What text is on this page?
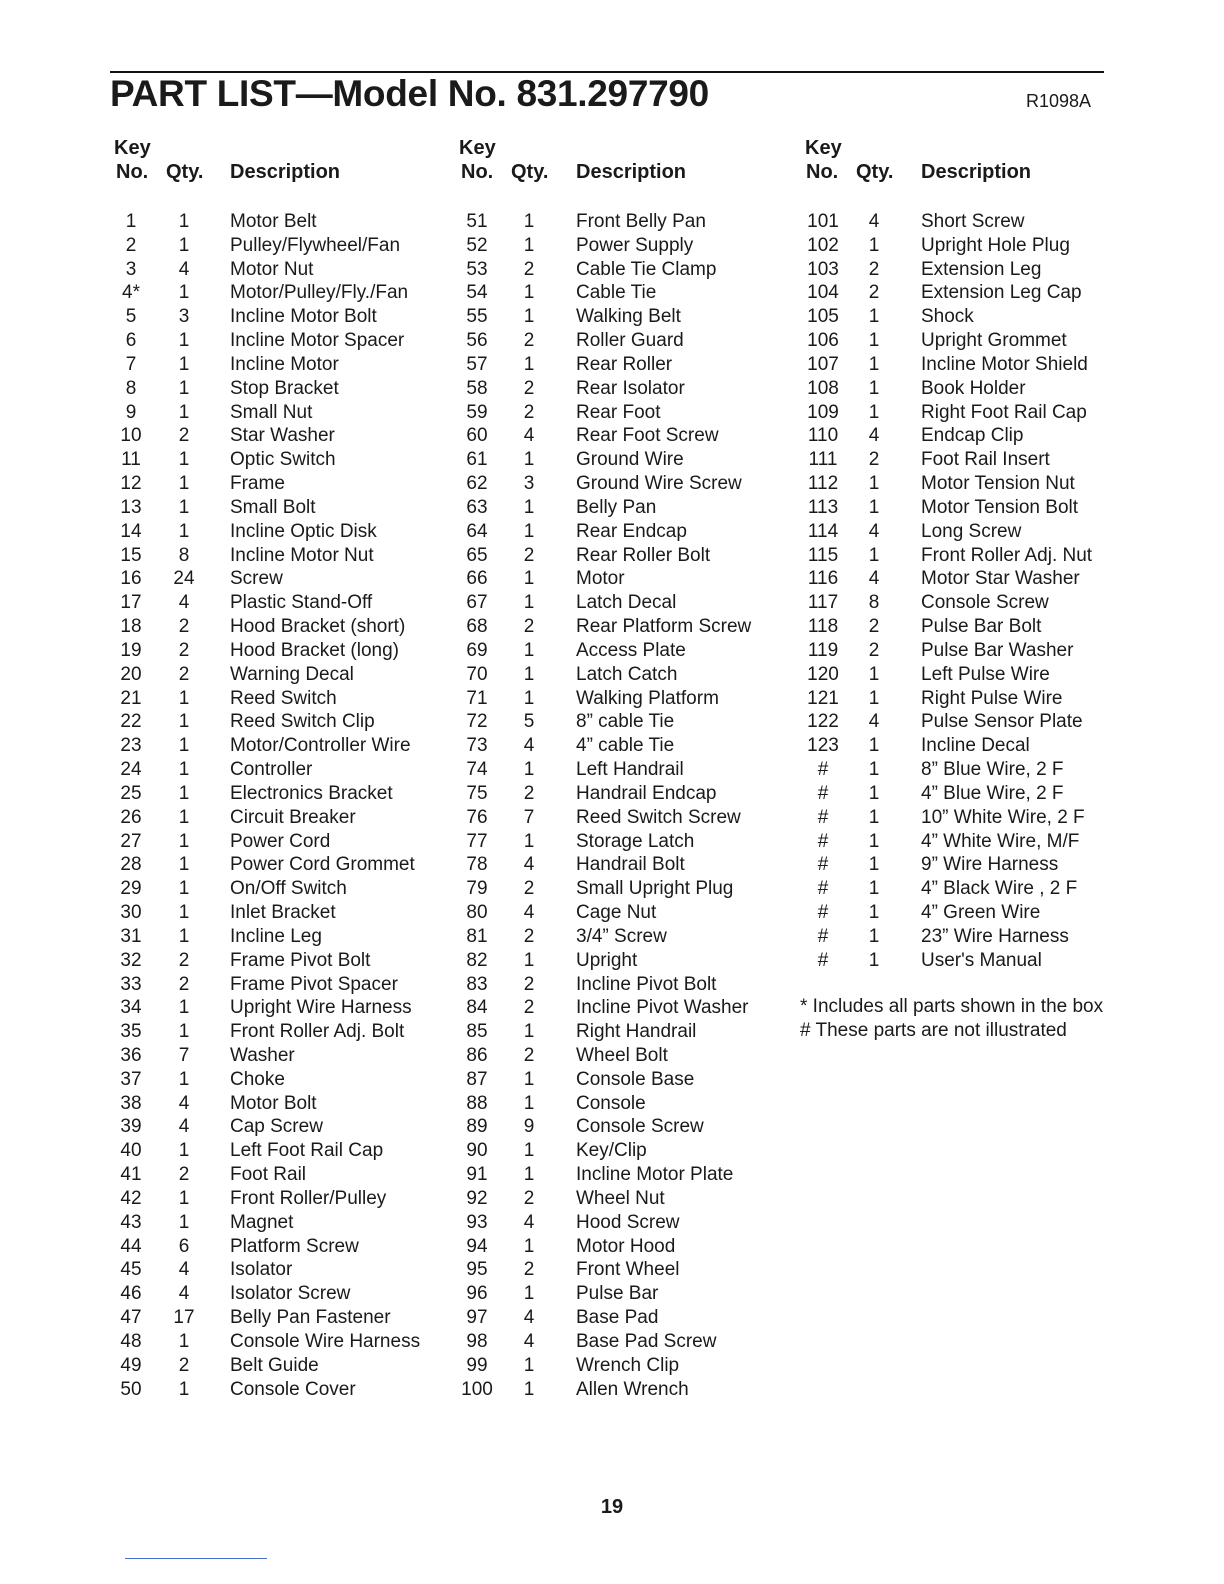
PART LIST—Model No. 831.297790	R1098A
Key
No. Qty. Description
1	1	Motor Belt
2	1	Pulley/Flywheel/Fan
3	4	Motor Nut
4*	1	Motor/Pulley/Fly./Fan
5	3	Incline Motor Bolt
6	1	Incline Motor Spacer
7	1	Incline Motor
8	1	Stop Bracket
9	1	Small Nut
10	2	Star Washer
11	1	Optic Switch
12	1	Frame
13	1	Small Bolt
14	1	Incline Optic Disk
15	8	Incline Motor Nut
16	24	Screw
17	4	Plastic Stand-Off
18	2	Hood Bracket (short)
19	2	Hood Bracket (long)
20	2	Warning Decal
21	1	Reed Switch
22	1	Reed Switch Clip
23	1	Motor/Controller Wire
24	1	Controller
25	1	Electronics Bracket
26	1	Circuit Breaker
27	1	Power Cord
28	1	Power Cord Grommet
29	1	On/Off Switch
30	1	Inlet Bracket
31	1	Incline Leg
32	2	Frame Pivot Bolt
33	2	Frame Pivot Spacer
34	1	Upright Wire Harness
35	1	Front Roller Adj. Bolt
36	7	Washer
37	1	Choke
38	4	Motor Bolt
39	4	Cap Screw
40	1	Left Foot Rail Cap
41	2	Foot Rail
42	1	Front Roller/Pulley
43	1	Magnet
44	6	Platform Screw
45	4	Isolator
46	4	Isolator Screw
47	17	Belly Pan Fastener
48	1	Console Wire Harness
49	2	Belt Guide
50	1	Console Cover
Key
No. Qty. Description
51	1	Front Belly Pan
52	1	Power Supply
53	2	Cable Tie Clamp
54	1	Cable Tie
55	1	Walking Belt
56	2	Roller Guard
57	1	Rear Roller
58	2	Rear Isolator
59	2	Rear Foot
60	4	Rear Foot Screw
61	1	Ground Wire
62	3	Ground Wire Screw
63	1	Belly Pan
64	1	Rear Endcap
65	2	Rear Roller Bolt
66	1	Motor
67	1	Latch Decal
68	2	Rear Platform Screw
69	1	Access Plate
70	1	Latch Catch
71	1	Walking Platform
72	5	8” cable Tie
73	4	4” cable Tie
74	1	Left Handrail
75	2	Handrail Endcap
76	7	Reed Switch Screw
77	1	Storage Latch
78	4	Handrail Bolt
79	2	Small Upright Plug
80	4	Cage Nut
81	2	3/4” Screw
82	1	Upright
83	2	Incline Pivot Bolt
84	2	Incline Pivot Washer
85	1	Right Handrail
86	2	Wheel Bolt
87	1	Console Base
88	1	Console
89	9	Console Screw
90	1	Key/Clip
91	1	Incline Motor Plate
92	2	Wheel Nut
93	4	Hood Screw
94	1	Motor Hood
95	2	Front Wheel
96	1	Pulse Bar
97	4	Base Pad
98	4	Base Pad Screw
99	1	Wrench Clip
100	1	Allen Wrench
Key
No. Qty. Description
101	4	Short Screw
102	1	Upright Hole Plug
103	2	Extension Leg
104	2	Extension Leg Cap
105	1	Shock
106	1	Upright Grommet
107	1	Incline Motor Shield
108	1	Book Holder
109	1	Right Foot Rail Cap
110	4	Endcap Clip
111	2	Foot Rail Insert
112	1	Motor Tension Nut
113	1	Motor Tension Bolt
114	4	Long Screw
115	1	Front Roller Adj. Nut
116	4	Motor Star Washer
117	8	Console Screw
118	2	Pulse Bar Bolt
119	2	Pulse Bar Washer
120	1	Left Pulse Wire
121	1	Right Pulse Wire
122	4	Pulse Sensor Plate
123	1	Incline Decal
#	1	8” Blue Wire, 2 F
#	1	4” Blue Wire, 2 F
#	1	10” White Wire, 2 F
#	1	4” White Wire, M/F
#	1	9” Wire Harness
#	1	4” Black Wire , 2 F
#	1	4” Green Wire
#	1	23” Wire Harness
#	1	User's Manual
* Includes all parts shown in the box
# These parts are not illustrated
19
